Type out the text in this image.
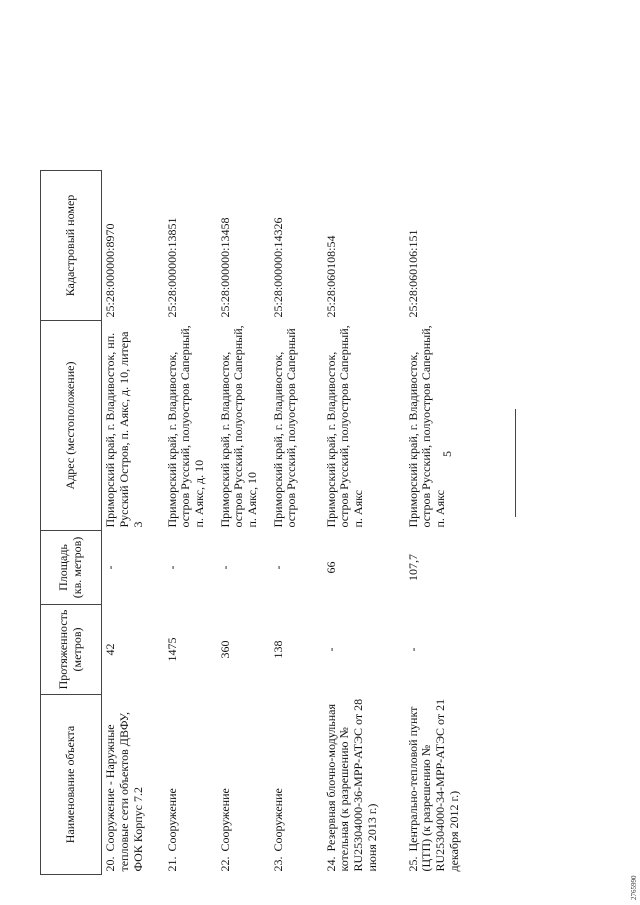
5
Наименование объекта	Протяженность (метров)	Площадь (кв. метров)	Адрес (местоположение)	Кадастровый номер
20.Сооружение - Наружные тепловые сети объектов ДВФУ, ФОК Корпус 7.2	42	-	Приморский край, г. Владивосток, нп. Русский Остров, п. Аякс, д. 10, литера 3	25:28:000000:8970
21.Сооружение	1475	-	Приморский край, г. Владивосток, остров Русский, полуостров Саперный, п. Аякс, д. 10	25:28:000000:13851
22.Сооружение	360	-	Приморский край, г. Владивосток, остров Русский, полуостров Саперный, п. Аякс, 10	25:28:000000:13458
23.Сооружение	138	-	Приморский край, г. Владивосток, остров Русский, полуостров Саперный	25:28:000000:14326
24.Резервная блочно-модульная котельная (к разрешению № RU25304000-36-MPP-АТЭС от 28 июня 2013 г.)	-	66	Приморский край, г. Владивосток, остров Русский, полуостров Саперный, п. Аякс	25:28:060108:54
25.Центрально-тепловой пункт (ЦТП) (к разрешению № RU25304000-34-MPP-АТЭС от 21 декабря 2012 г.)	-	107,7	Приморский край, г. Владивосток, остров Русский, полуостров Саперный, п. Аякс	25:28:060106:151
2765990
